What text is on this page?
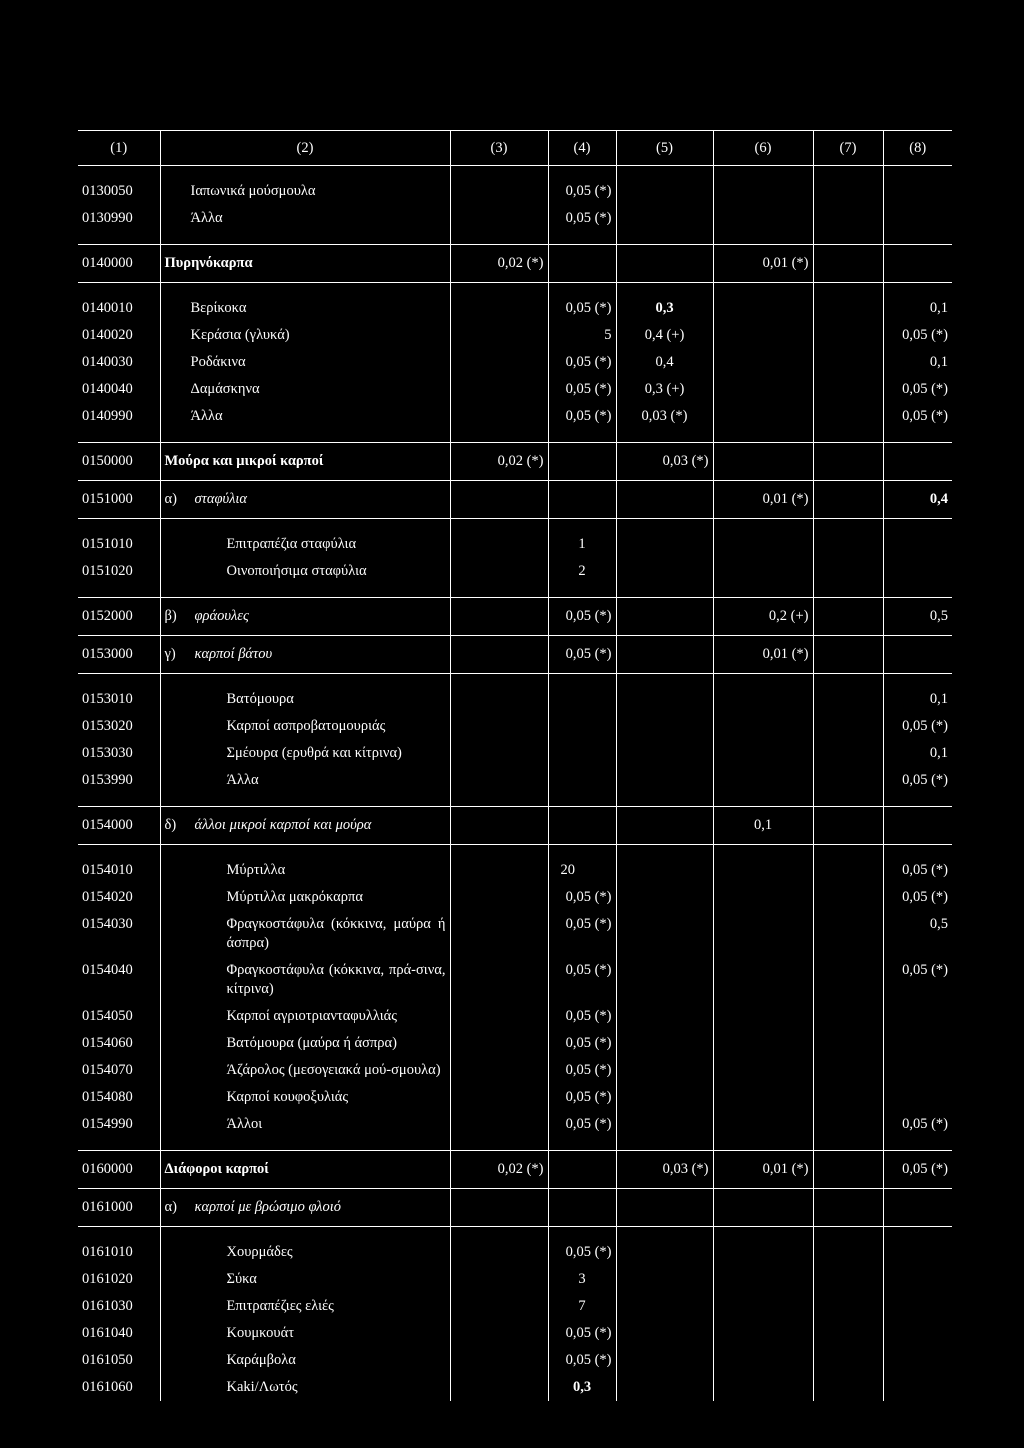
(1)	(2)	(3)	(4)	(5)	(6)	(7)	(8)

0130050	Ιαπωνικά μούσμουλα		0,05 (*)				
0130990	Άλλα		0,05 (*)				

0140000	Πυρηνόκαρπα	0,02 (*)			0,01 (*)		

0140010	Βερίκοκα		0,05 (*)	0,3			0,1
0140020	Κεράσια (γλυκά)		5	0,4 (+)			0,05 (*)
0140030	Ροδάκινα		0,05 (*)	0,4			0,1
0140040	Δαμάσκηνα		0,05 (*)	0,3 (+)			0,05 (*)
0140990	Άλλα		0,05 (*)	0,03 (*)			0,05 (*)

0150000	Μούρα και μικροί καρποί	0,02 (*)		0,03 (*)			
0151000	α) σταφύλια				0,01 (*)		0,4

0151010	Επιτραπέζια σταφύλια		1				
0151020	Οινοποιήσιμα σταφύλια		2				

0152000	β) φράουλες		0,05 (*)		0,2 (+)		0,5
0153000	γ) καρποί βάτου		0,05 (*)		0,01 (*)		

0153010	Βατόμουρα						0,1
0153020	Καρποί ασπροβατομουριάς						0,05 (*)
0153030	Σμέουρα (ερυθρά και κίτρινα)						0,1
0153990	Άλλα						0,05 (*)

0154000	δ) άλλοι μικροί καρποί και μούρα				0,1		

0154010	Μύρτιλλα		20				0,05 (*)
0154020	Μύρτιλλα μακρόκαρπα		0,05 (*)				0,05 (*)
0154030	Φραγκοστάφυλα (κόκκινα, μαύρα ή άσπρα)		0,05 (*)				0,5
0154040	Φραγκοστάφυλα (κόκκινα, πρά-σινα, κίτρινα)		0,05 (*)				0,05 (*)
0154050	Καρποί αγριοτριανταφυλλιάς		0,05 (*)				
0154060	Βατόμουρα (μαύρα ή άσπρα)		0,05 (*)				
0154070	Άζάρολος (μεσογειακά μού-σμουλα)		0,05 (*)				
0154080	Καρποί κουφοξυλιάς		0,05 (*)				
0154990	Άλλοι		0,05 (*)				0,05 (*)

0160000	Διάφοροι καρποί	0,02 (*)		0,03 (*)	0,01 (*)		0,05 (*)
0161000	α) καρποί με βρώσιμο φλοιό						

0161010	Χουρμάδες		0,05 (*)				
0161020	Σύκα		3				
0161030	Επιτραπέζιες ελιές		7				
0161040	Κουμκουάτ		0,05 (*)				
0161050	Καράμβολα		0,05 (*)				
0161060	Kaki/Λωτός		0,3				
